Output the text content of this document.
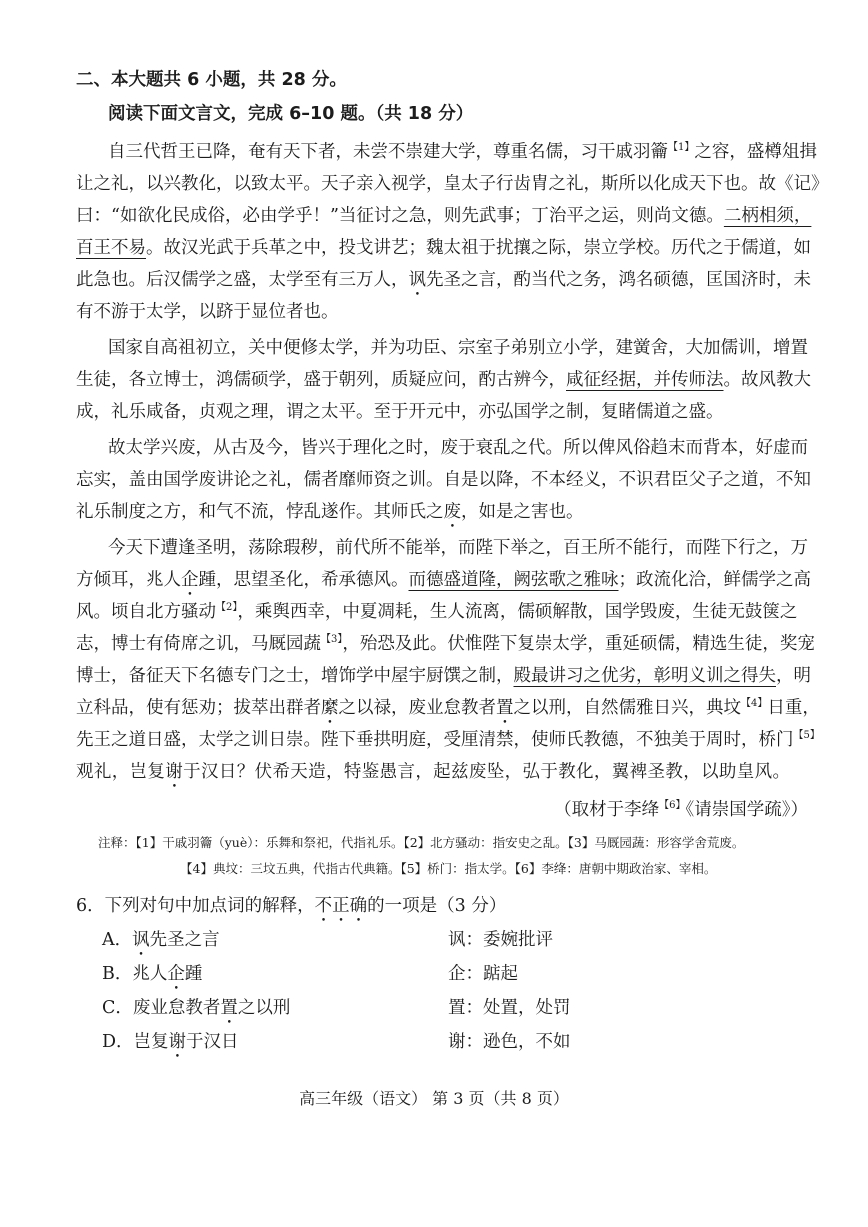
二、本大题共 6 小题，共 28 分。
阅读下面文言文，完成 6–10 题。（共 18 分）
自三代哲王已降，奄有天下者，未尝不崇建大学，尊重名儒，习干戚羽籥$^{【1】}$之容，盛樽俎揖
让之礼，以兴教化，以致太平。天子亲入视学，皇太子行齿胄之礼，斯所以化成天下也。故《记》
曰：“如欲化民成俗，必由学乎！”当征讨之急，则先武事；丁治平之运，则尚文德。二柄相须，
百王不易。故汉光武于兵革之中，投戈讲艺；魏太祖于扰攘之际，崇立学校。历代之于儒道，如
此急也。后汉儒学之盛，太学至有三万人，讽先圣之言，酌当代之务，鸿名硕德，匡国济时，未
有不游于太学，以跻于显位者也。
国家自高祖初立，关中便修太学，并为功臣、宗室子弟别立小学，建黉舍，大加儒训，增置
生徒，各立博士，鸿儒硕学，盛于朝列，质疑应问，酌古辨今，咸征经据，并传师法。故风教大
成，礼乐咸备，贞观之理，谓之太平。至于开元中，亦弘国学之制，复睹儒道之盛。
故太学兴废，从古及今，皆兴于理化之时，废于衰乱之代。所以俾风俗趋末而背本，好虚而
忘实，盖由国学废讲论之礼，儒者靡师资之训。自是以降，不本经义，不识君臣父子之道，不知
礼乐制度之方，和气不流，悖乱遂作。其师氏之废，如是之害也。
今天下遭逢圣明，荡除瑕秽，前代所不能举，而陛下举之，百王所不能行，而陛下行之，万
方倾耳，兆人企踵，思望圣化，希承德风。而德盛道隆，阙弦歌之雅咏；政流化洽，鲜儒学之高
风。顷自北方骚动$^{【2】}$，乘舆西幸，中夏凋耗，生人流离，儒硕解散，国学毁废，生徒无鼓箧之
志，博士有倚席之讥，马厩园蔬$^{【3】}$，殆恐及此。伏惟陛下复崇太学，重延硕儒，精选生徒，奖宠
博士，备征天下名德专门之士，增饰学中屋宇厨馔之制，殿最讲习之优劣，彰明义训之得失，明
立科品，使有惩劝；拔萃出群者縻之以禄，废业怠教者置之以刑，自然儒雅日兴，典坟$^{【4】}$日重，
先王之道日盛，太学之训日崇。陛下垂拱明庭，受厘清禁，使师氏教德，不独美于周时，桥门$^{【5】}$
观礼，岂复谢于汉日？伏希天造，特鉴愚言，起兹废坠，弘于教化，翼裨圣教，以助皇风。
（取材于李绛$^{【6】}$《请崇国学疏》）
注释：【1】干戚羽籥（yuè）：乐舞和祭祀，代指礼乐。【2】北方骚动：指安史之乱。【3】马厩园蔬：形容学舍荒废。
【4】典坟：三坟五典，代指古代典籍。【5】桥门：指太学。【6】李绛：唐朝中期政治家、宰相。
6．下列对句中加点词的解释，不正确的一项是（3 分）
A．讽先圣之言	讽：委婉批评
B．兆人企踵	企：踮起
C．废业怠教者置之以刑	置：处置，处罚
D．岂复谢于汉日	谢：逊色，不如
高三年级（语文） 第 3 页（共 8 页）
